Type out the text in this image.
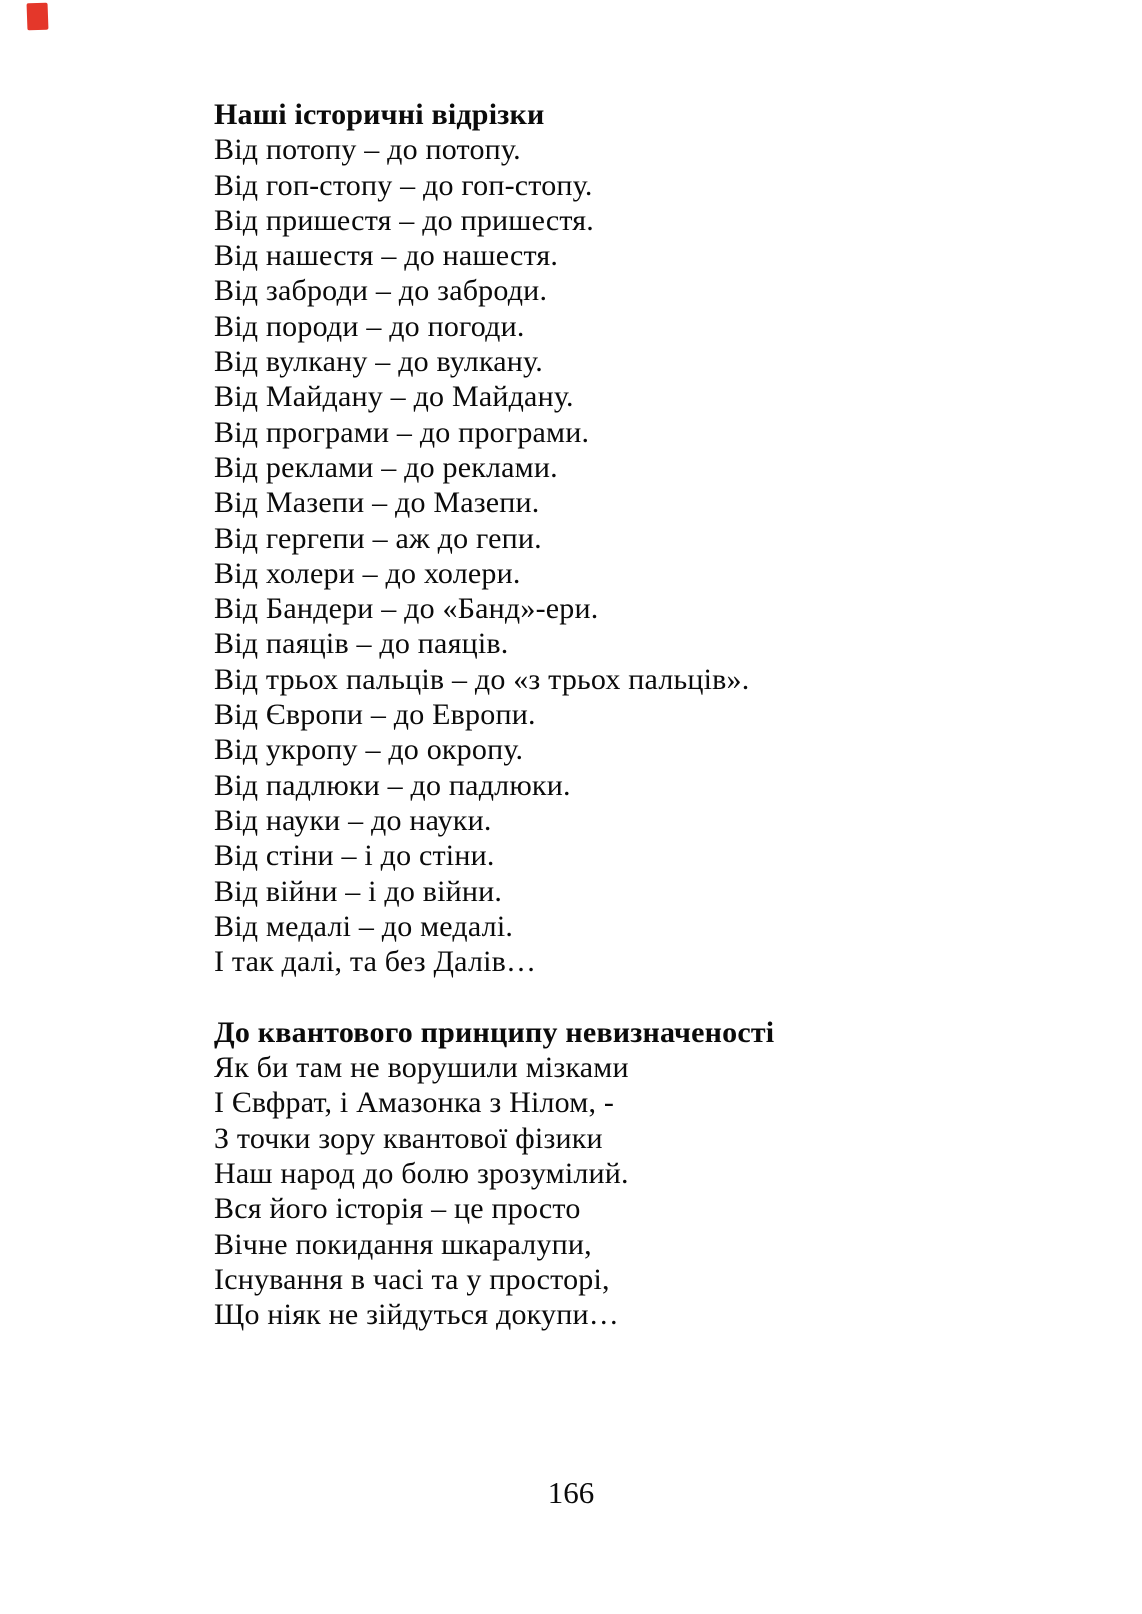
Наші історичні відрізки
Від потопу – до потопу.
Від гоп-стопу – до гоп-стопу.
Від пришестя – до пришестя.
Від нашестя – до нашестя.
Від заброди – до заброди.
Від породи – до погоди.
Від вулкану – до вулкану.
Від Майдану – до Майдану.
Від програми – до програми.
Від реклами – до реклами.
Від Мазепи – до Мазепи.
Від гергепи – аж до гепи.
Від холери – до холери.
Від Бандери – до «Банд»-ери.
Від паяців – до паяців.
Від трьох пальців – до «з трьох пальців».
Від Європи – до Европи.
Від укропу – до окропу.
Від падлюки – до падлюки.
Від науки – до науки.
Від стіни – і до стіни.
Від війни – і до війни.
Від медалі – до медалі.
І так далі, та без Далів…
До квантового принципу невизначеності
Як би там не ворушили мізками
І Євфрат, і Амазонка з Нілом, -
З точки зору квантової фізики
Наш народ до болю зрозумілий.
Вся його історія – це просто
Вічне покидання шкаралупи,
Існування в часі та у просторі,
Що ніяк не зійдуться докупи…
166
